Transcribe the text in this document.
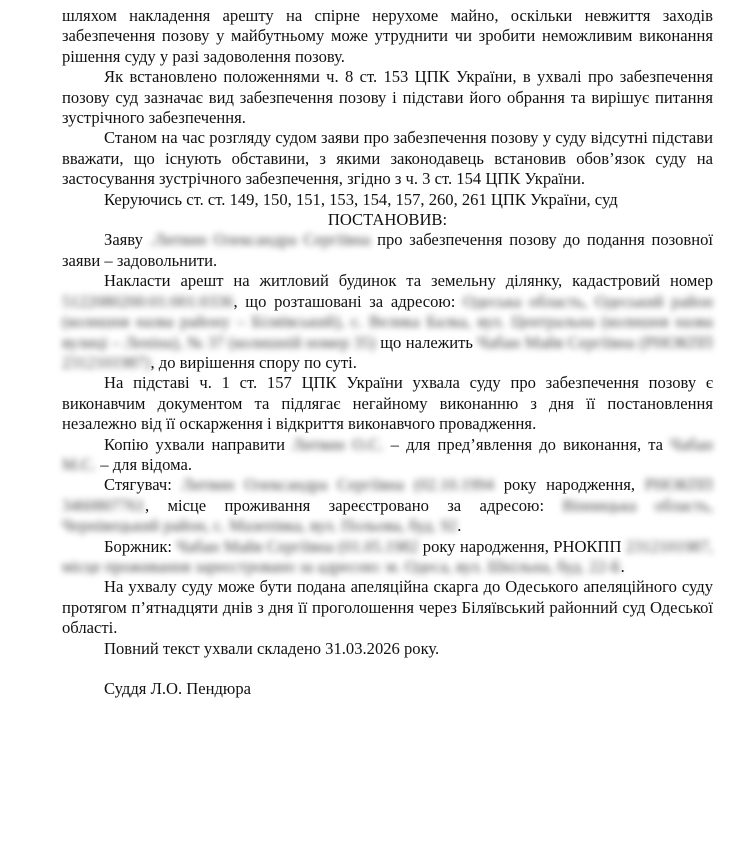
шляхом накладення арешту на спірне нерухоме майно, оскільки невжиття заходів забезпечення позову у майбутньому може утруднити чи зробити неможливим виконання рішення суду у разі задоволення позову.

Як встановлено положеннями ч. 8 ст. 153 ЦПК України, в ухвалі про забезпечення позову суд зазначає вид забезпечення позову і підстави його обрання та вирішує питання зустрічного забезпечення.

Станом на час розгляду судом заяви про забезпечення позову у суду відсутні підстави вважати, що існують обставини, з якими законодавець встановив обов’язок суду на застосування зустрічного забезпечення, згідно з ч. 3 ст. 154 ЦПК України.

Керуючись ст. ст. 149, 150, 151, 153, 154, 157, 260, 261 ЦПК України, суд

ПОСТАНОВИВ:

Заяву .Литвин Олександра Сергіївна про забезпечення позову до подання позовної заяви – задовольнити.

Накласти арешт на житловий будинок та земельну ділянку, кадастровий номер 5122080200:01:001:0336, що розташовані за адресою: Одеська область, Одеський район (колишня назва району – Біляївський), с. Велика Балка, вул. Центральна (колишня назва вулиці – Леніна), № 37 (колишній номер 35) що належить Чабан Майя Сергіївна (РНОКПП 2312101987), до вирішення спору по суті.

На підставі ч. 1 ст. 157 ЦПК України ухвала суду про забезпечення позову є виконавчим документом та підлягає негайному виконанню з дня її постановлення незалежно від її оскарження і відкриття виконавчого провадження.

Копію ухвали направити Литвин О.С. – для пред’явлення до виконання, та Чабан М.С. – для відома.

Стягувач: Литвин Олександра Сергіївна (02.10.1994 року народження, РНОКПП 3460807761, місце проживання зареєстровано за адресою: Вінницька область, Чернівецький район, с. Мазепівка, вул. Польова, буд. 92.

Боржник: Чабан Майя Сергіївна (01.05.1982 року народження, РНОКПП 2312101987, місце проживання зареєстровано за адресою: м. Одеса, вул. Шкільна, буд. 22-Б.

На ухвалу суду може бути подана апеляційна скарга до Одеського апеляційного суду протягом п’ятнадцяти днів з дня її проголошення через Біляївський районний суд Одеської області.

Повний текст ухвали складено 31.03.2026 року.

Суддя Л.О. Пендюра
